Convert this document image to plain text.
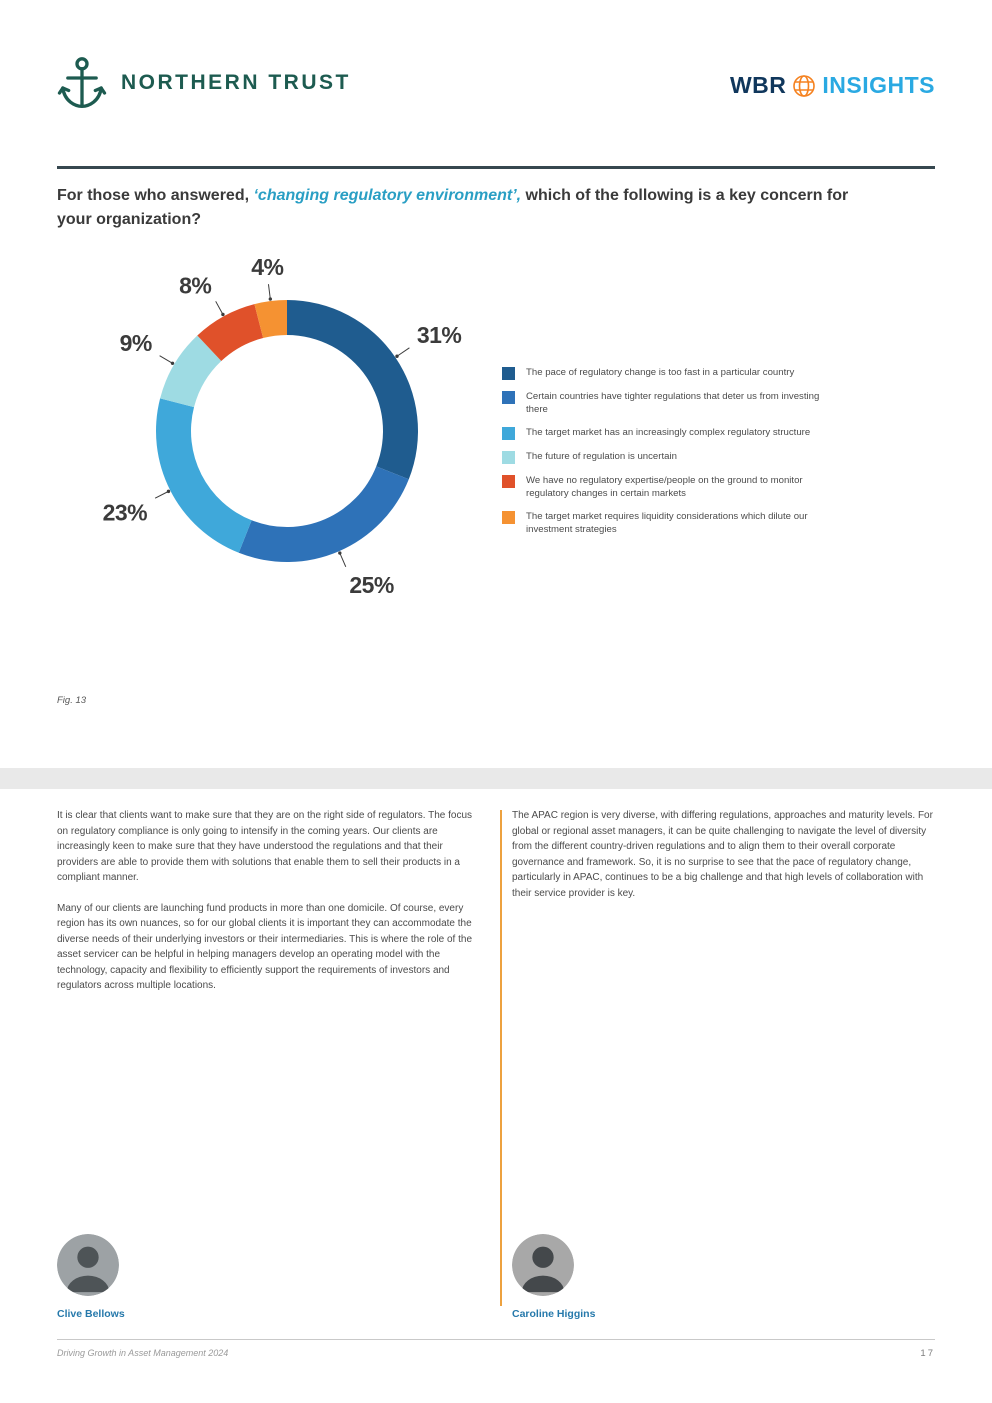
NORTHERN TRUST	WBR INSIGHTS
For those who answered, ‘changing regulatory environment’, which of the following is a key concern for your organization?
31%
25%
23%
9%
8%
4%
The pace of regulatory change is too fast in a particular country
Certain countries have tighter regulations that deter us from investing there
The target market has an increasingly complex regulatory structure
The future of regulation is uncertain
We have no regulatory expertise/people on the ground to monitor regulatory changes in certain markets
The target market requires liquidity considerations which dilute our investment strategies
Fig. 13

It is clear that clients want to make sure that they are on the right side of regulators. The focus on regulatory compliance is only going to intensify in the coming years. Our clients are increasingly keen to make sure that they have understood the regulations and that their providers are able to provide them with solutions that enable them to sell their products in a compliant manner.

Many of our clients are launching fund products in more than one domicile. Of course, every region has its own nuances, so for our global clients it is important they can accommodate the diverse needs of their underlying investors or their intermediaries. This is where the role of the asset servicer can be helpful in helping managers develop an operating model with the technology, capacity and flexibility to efficiently support the requirements of investors and regulators across multiple locations.

The APAC region is very diverse, with differing regulations, approaches and maturity levels. For global or regional asset managers, it can be quite challenging to navigate the level of diversity from the different country-driven regulations and to align them to their overall corporate governance and framework. So, it is no surprise to see that the pace of regulatory change, particularly in APAC, continues to be a big challenge and that high levels of collaboration with their service provider is key.

Clive Bellows	Caroline Higgins
Driving Growth in Asset Management 2024	17
